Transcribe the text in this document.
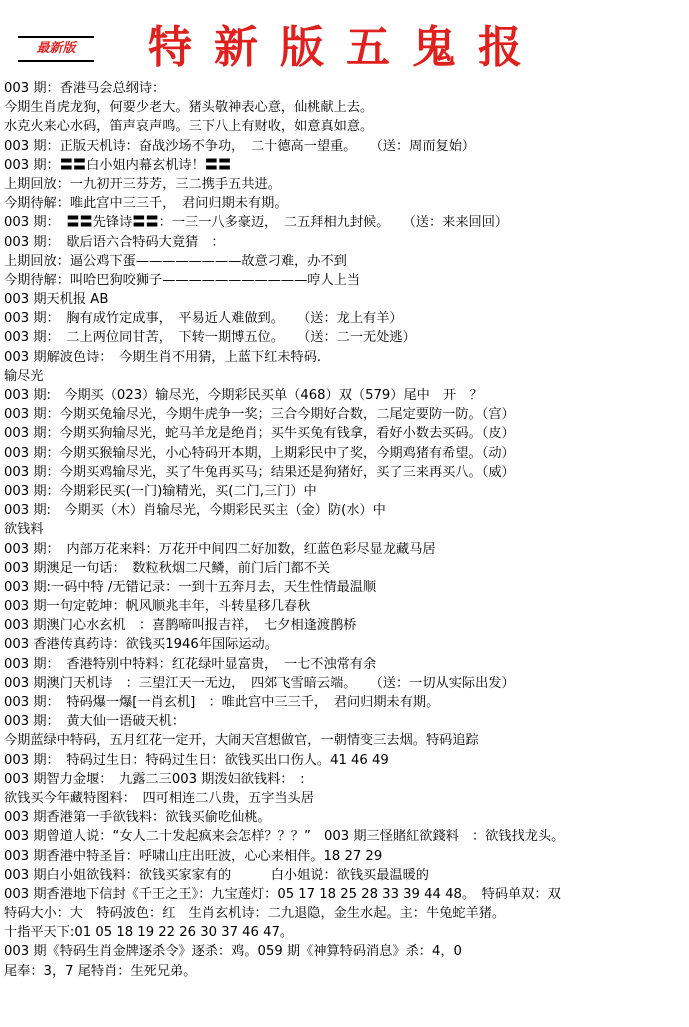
最新版	特新版五鬼报
003 期：香港马会总纲诗：
今期生肖虎龙狗，何要少老大。猪头敬神表心意，仙桃献上去。
水克火来心水码，笛声哀声鸣。三下八上有财收，如意真如意。
003 期：正版天机诗：奋战沙场不争功，　二十德高一望重。　　（送：周而复始）
003 期：〓〓白小姐内幕玄机诗！〓〓
上期回放：一九初开三芬芳，三二携手五共进。
今期待解：唯此宫中三三千，　君问归期未有期。
003 期：　〓〓先锋诗〓〓：一三一八多豪迈，　二五拜相九封候。　　（送：来来回回）
003 期：　歇后语六合特码大竟猜　：
上期回放：逼公鸡下蛋————————故意刁难，办不到
今期待解：叫哈巴狗咬狮子———————————哼人上当
003 期天机报 AB
003 期：　胸有成竹定成事，　平易近人难做到。　　（送：龙上有羊）
003 期：　二上两位同甘苦，　下转一期博五位。　　（送：二一无处逃）
003 期解波色诗：　今期生肖不用猜，上蓝下红未特码.
输尽光
003 期:　今期买（023）输尽光，今期彩民买单（468）双（579）尾中　开　？
003 期：今期买兔输尽光，今期牛虎争一奖；三合今期好合数，二尾定要防一防。（宫）
003 期：今期买狗输尽光，蛇马羊龙是绝肖；买牛买兔有钱拿，看好小数去买码。（皮）
003 期：今期买猴输尽光，小心特码开本期，上期彩民中了奖，今期鸡猪有希望。（动）
003 期：今期买鸡输尽光，买了牛兔再买马；结果还是狗猪好，买了三来再买八。（威）
003 期：今期彩民买(一门)输精光，买(二门,三门）中
003 期:　今期买（木）肖输尽光，今期彩民买主（金）防(水）中
欲钱料
003 期：　内部万花来料：万花开中间四二好加数，红蓝色彩尽显龙藏马居
003 期澳足一句话：　数粒秋烟二尺鳞，前门后门都不关
003 期:一码中特 /无错记录：一到十五奔月去，天生性情最温顺
003 期一句定乾坤：帆风顺兆丰年，斗转星移几春秋
003 期澳门心水玄机　：喜鹊啼叫报吉祥，　七夕相逢渡鹊桥
003 香港传真药诗：欲钱买1946年国际运动。
003 期：　香港特别中特料：红花绿叶显富贵，　一七不浊常有余
003 期澳门天机诗　：三望江天一无边，　四郊飞雪暗云端。　　（送：一切从实际出发）
003 期：　特码爆一爆[一肖玄机]　：唯此宫中三三千，　君问归期未有期。
003 期：　黄大仙一语破天机：
今期蓝绿中特码，五月红花一定开，大闹天宫想做官，一朝情变三去烟。特码追踪
003 期：　特码过生日：特码过生日：欲钱买出口伤人。41 46 49
003 期智力金堰：　九露二三003 期泼妇欲钱料：　:
欲钱买今年藏特图料：　四可相连二八贵，五字当头居
003 期香港第一手欲钱料：欲钱买偷吃仙桃。
003 期曾道人说：“女人二十发起疯来会怎样？？？”　003 期三怪賭紅欲錢料　：欲钱找龙头。
003 期香港中特圣旨：呼啸山庄出旺波，心心来相伴。18 27 29
003 期白小姐欲钱料：欲钱买家家有的　　　白小姐说：欲钱买最温暖的
003 期香港地下信封《千王之王》：九宝莲灯：05 17 18 25 28 33 39 44 48。　特码单双：双
特码大小：大　特码波色：红　生肖玄机诗：二九退隐，金生水起。主：牛兔蛇羊猪。
十指平天下:01 05 18 19 22 26 30 37 46 47。
003 期《特码生肖金牌逐杀令》逐杀：鸡。059 期《神算特码消息》杀：4，0
尾奉：3，7 尾特肖：生死兄弟。
